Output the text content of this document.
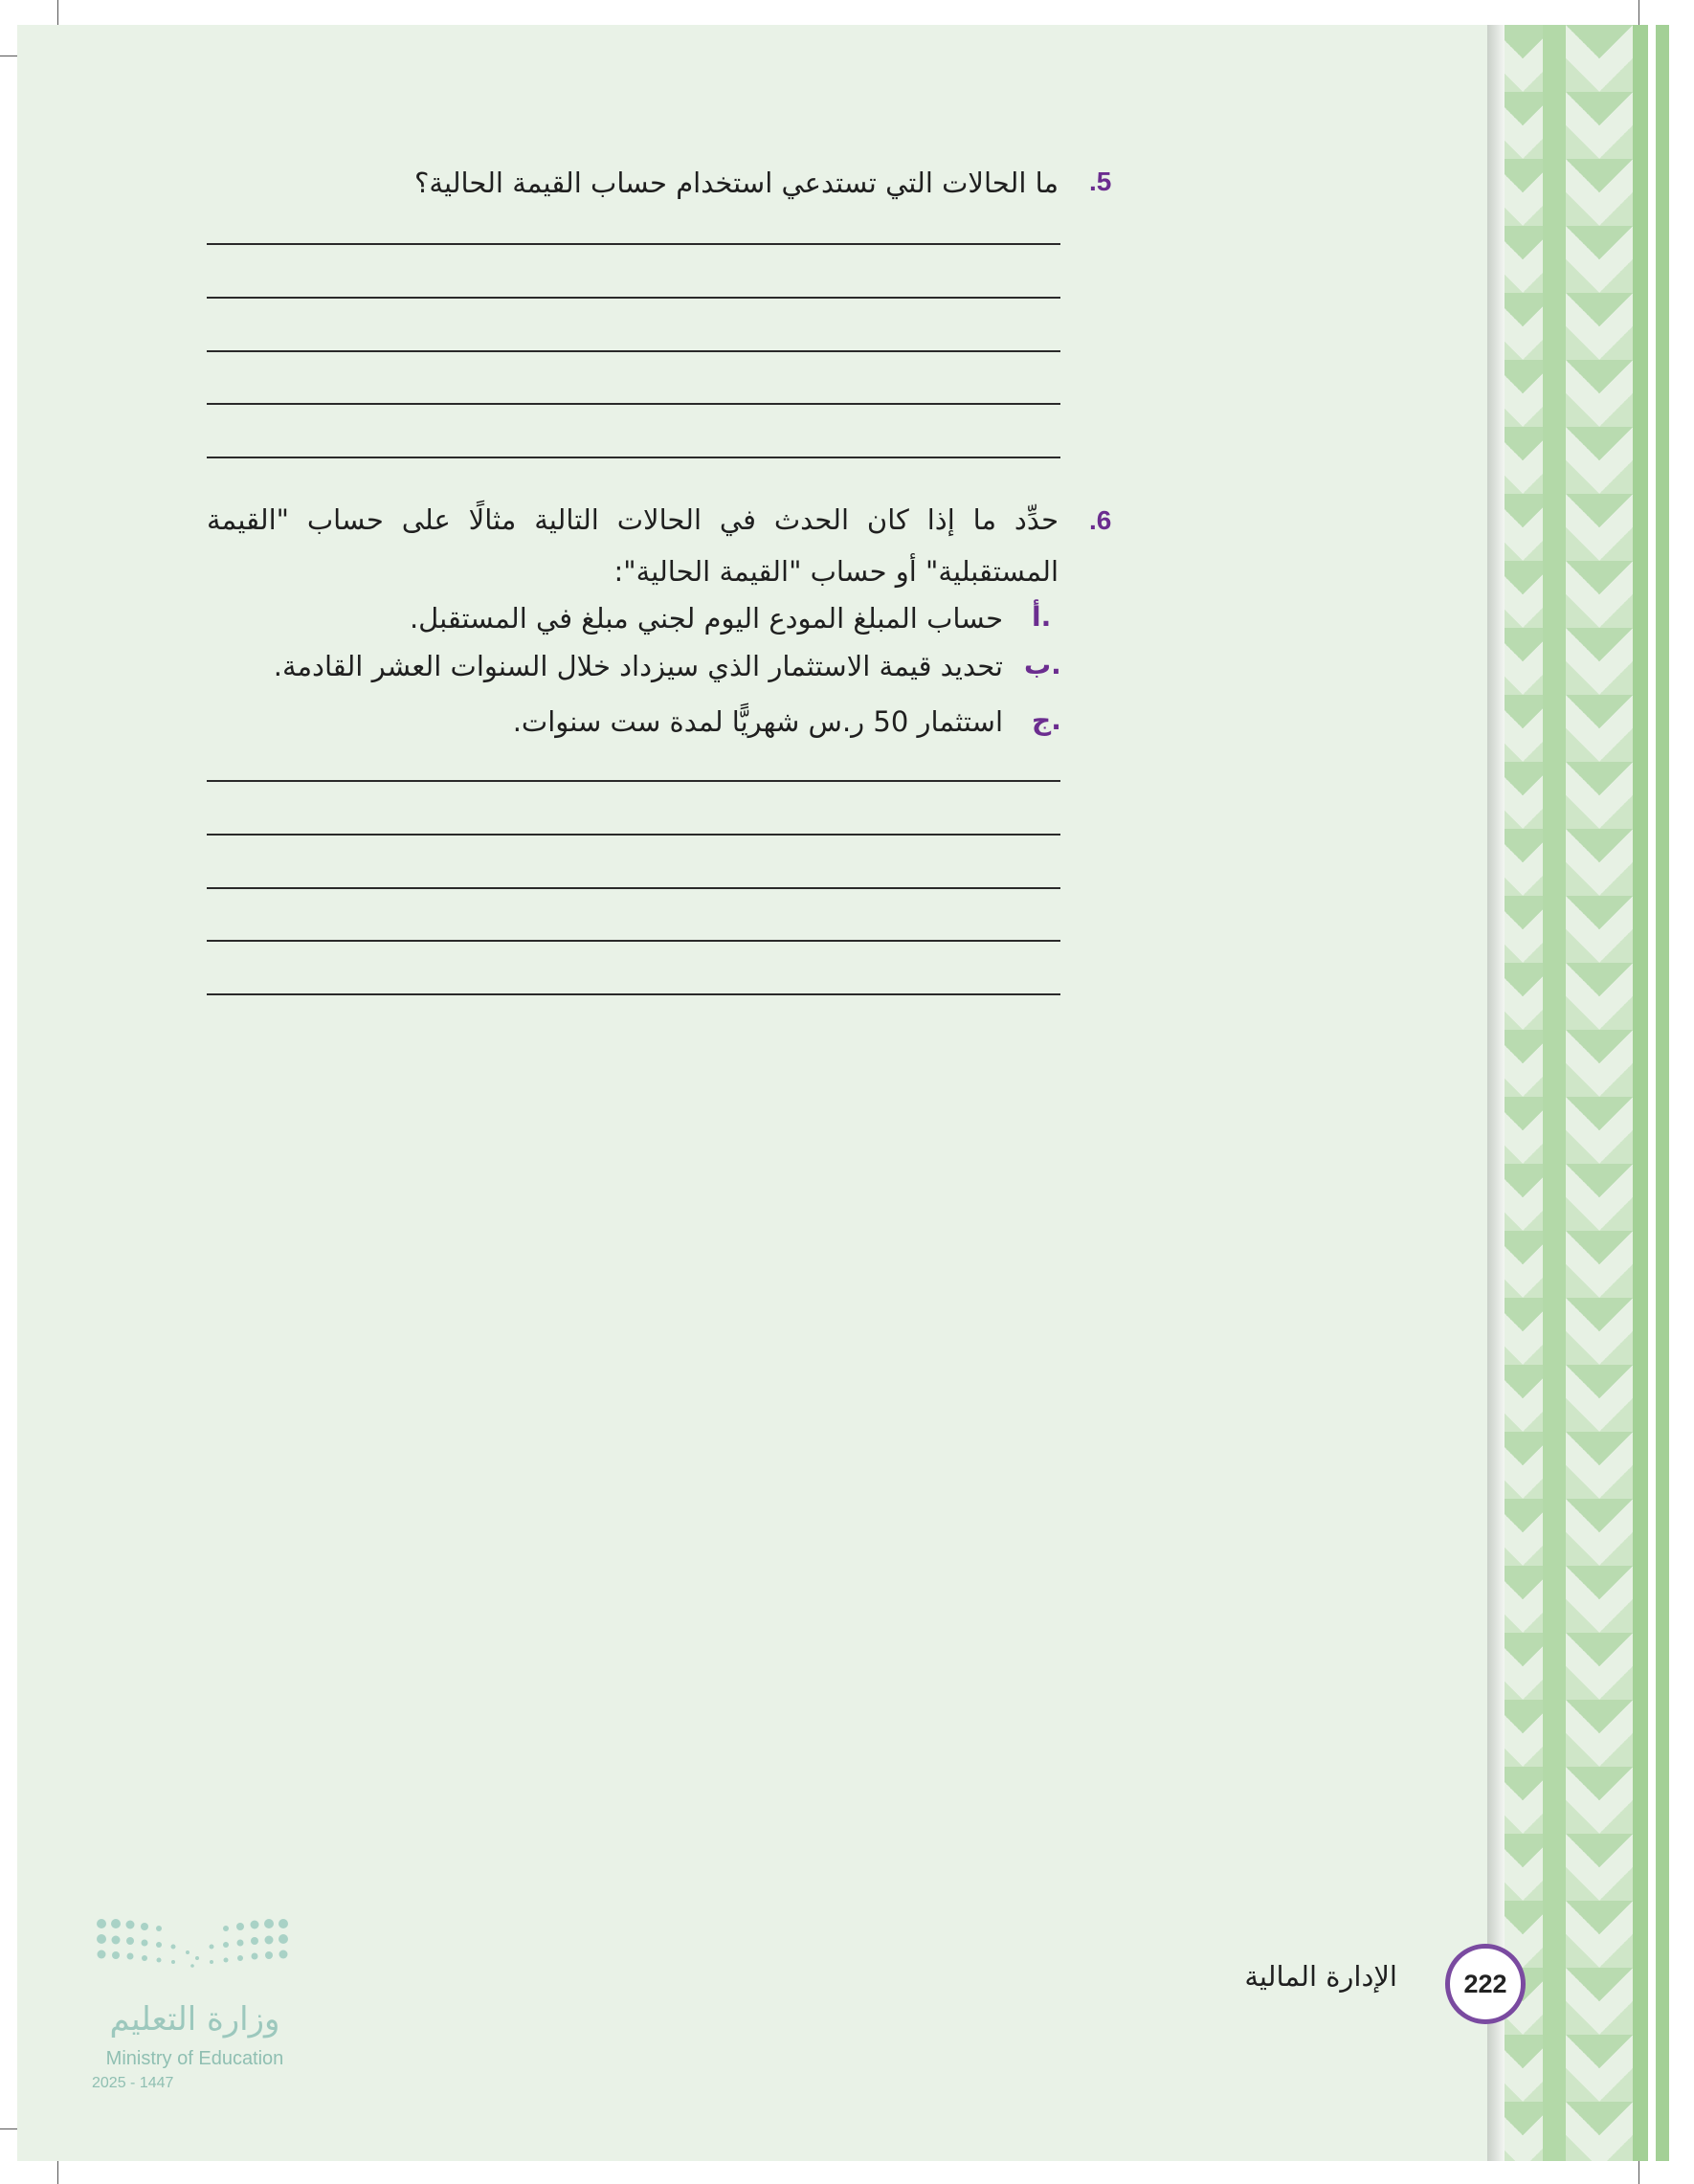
.5
ما الحالات التي تستدعي استخدام حساب القيمة الحالية؟
.6
حدِّد ما إذا كان الحدث في الحالات التالية مثالًا على حساب "القيمة
المستقبلية" أو حساب "القيمة الحالية":
أ.
حساب المبلغ المودع اليوم لجني مبلغ في المستقبل.
ب.
تحديد قيمة الاستثمار الذي سيزداد خلال السنوات العشر القادمة.
ج.
استثمار 50 ر.س شهريًّا لمدة ست سنوات.
الإدارة المالية	222
وزارة التعليم
Ministry of Education
2025 - 1447
